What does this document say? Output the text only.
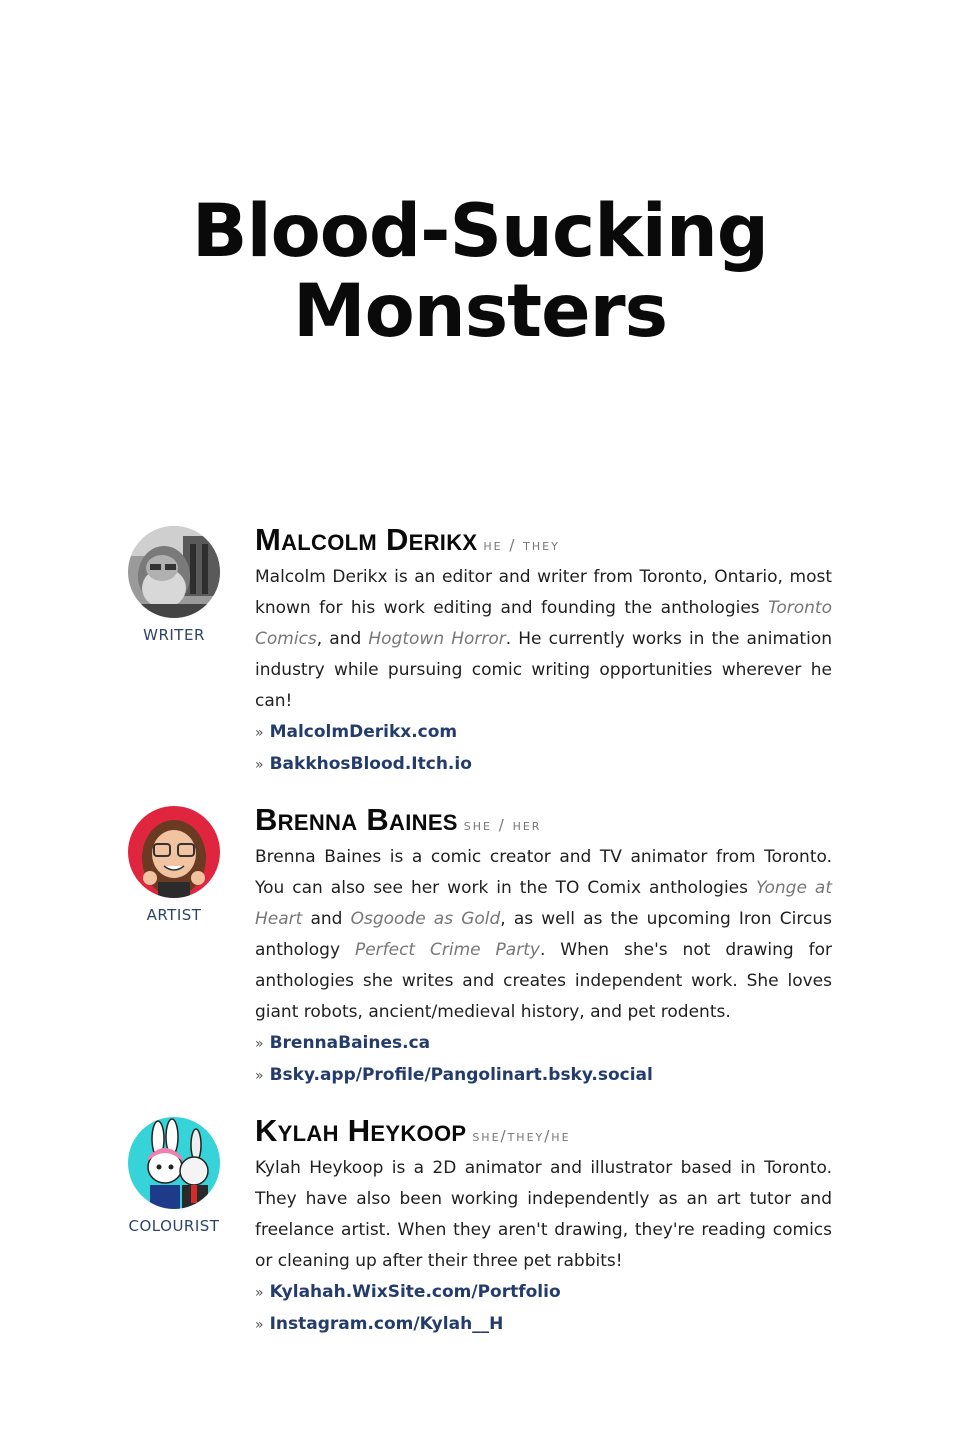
Blood-Sucking
Monsters
WRITER
Malcolm Derikx he / they

Malcolm Derikx is an editor and writer from Toronto, Ontario, most known for his work editing and founding the anthologies Toronto Comics, and Hogtown Horror. He currently works in the animation industry while pursuing comic writing opportunities wherever he can!

» MalcolmDerikx.com
» BakkhosBlood.Itch.io
ARTIST
Brenna Baines she / her

Brenna Baines is a comic creator and TV animator from Toronto. You can also see her work in the TO Comix anthologies Yonge at Heart and Osgoode as Gold, as well as the upcoming Iron Circus anthology Perfect Crime Party. When she's not drawing for anthologies she writes and creates independent work. She loves giant robots, ancient/medieval history, and pet rodents.

» BrennaBaines.ca
» Bsky.app/Profile/Pangolinart.bsky.social
COLOURIST
Kylah Heykoop she/they/he

Kylah Heykoop is a 2D animator and illustrator based in Toronto. They have also been working independently as an art tutor and freelance artist. When they aren't drawing, they're reading comics or cleaning up after their three pet rabbits!

» Kylahah.WixSite.com/Portfolio
» Instagram.com/Kylah__H
